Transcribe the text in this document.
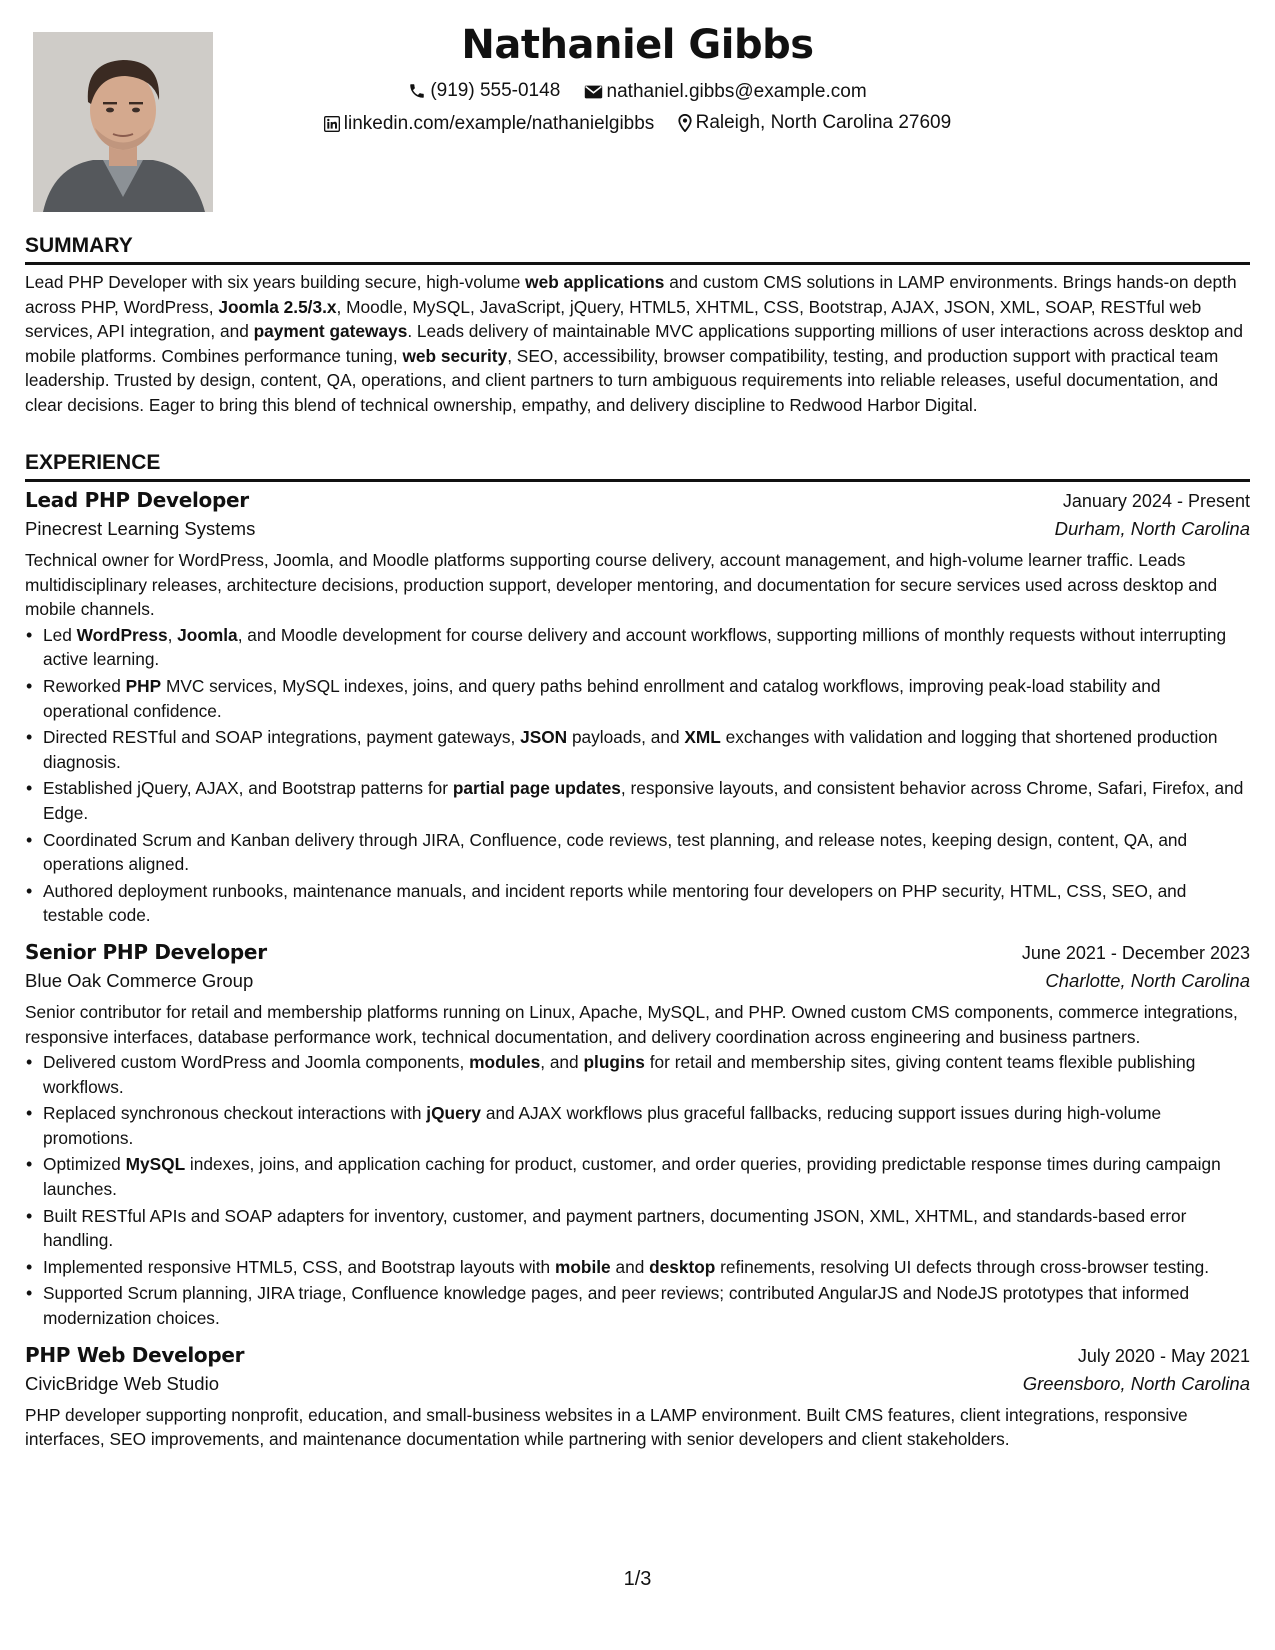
Nathaniel Gibbs
(919) 555-0148
nathaniel.gibbs@example.com
linkedin.com/example/nathanielgibbs
Raleigh, North Carolina 27609
SUMMARY

Lead PHP Developer with six years building secure, high-volume web applications and custom CMS solutions in LAMP environments. Brings hands-on depth across PHP, WordPress, Joomla 2.5/3.x, Moodle, MySQL, JavaScript, jQuery, HTML5, XHTML, CSS, Bootstrap, AJAX, JSON, XML, SOAP, RESTful web services, API integration, and payment gateways. Leads delivery of maintainable MVC applications supporting millions of user interactions across desktop and mobile platforms. Combines performance tuning, web security, SEO, accessibility, browser compatibility, testing, and production support with practical team leadership. Trusted by design, content, QA, operations, and client partners to turn ambiguous requirements into reliable releases, useful documentation, and clear decisions. Eager to bring this blend of technical ownership, empathy, and delivery discipline to Redwood Harbor Digital.

EXPERIENCE
Lead PHP Developer	January 2024 - Present
Pinecrest Learning Systems	Durham, North Carolina

Technical owner for WordPress, Joomla, and Moodle platforms supporting course delivery, account management, and high-volume learner traffic. Leads multidisciplinary releases, architecture decisions, production support, developer mentoring, and documentation for secure services used across desktop and mobile channels.

• Led WordPress, Joomla, and Moodle development for course delivery and account workflows, supporting millions of monthly requests without interrupting active learning.
• Reworked PHP MVC services, MySQL indexes, joins, and query paths behind enrollment and catalog workflows, improving peak-load stability and operational confidence.
• Directed RESTful and SOAP integrations, payment gateways, JSON payloads, and XML exchanges with validation and logging that shortened production diagnosis.
• Established jQuery, AJAX, and Bootstrap patterns for partial page updates, responsive layouts, and consistent behavior across Chrome, Safari, Firefox, and Edge.
• Coordinated Scrum and Kanban delivery through JIRA, Confluence, code reviews, test planning, and release notes, keeping design, content, QA, and operations aligned.
• Authored deployment runbooks, maintenance manuals, and incident reports while mentoring four developers on PHP security, HTML, CSS, SEO, and testable code.
Senior PHP Developer	June 2021 - December 2023
Blue Oak Commerce Group	Charlotte, North Carolina

Senior contributor for retail and membership platforms running on Linux, Apache, MySQL, and PHP. Owned custom CMS components, commerce integrations, responsive interfaces, database performance work, technical documentation, and delivery coordination across engineering and business partners.

• Delivered custom WordPress and Joomla components, modules, and plugins for retail and membership sites, giving content teams flexible publishing workflows.
• Replaced synchronous checkout interactions with jQuery and AJAX workflows plus graceful fallbacks, reducing support issues during high-volume promotions.
• Optimized MySQL indexes, joins, and application caching for product, customer, and order queries, providing predictable response times during campaign launches.
• Built RESTful APIs and SOAP adapters for inventory, customer, and payment partners, documenting JSON, XML, XHTML, and standards-based error handling.
• Implemented responsive HTML5, CSS, and Bootstrap layouts with mobile and desktop refinements, resolving UI defects through cross-browser testing.
• Supported Scrum planning, JIRA triage, Confluence knowledge pages, and peer reviews; contributed AngularJS and NodeJS prototypes that informed modernization choices.
PHP Web Developer	July 2020 - May 2021
CivicBridge Web Studio	Greensboro, North Carolina

PHP developer supporting nonprofit, education, and small-business websites in a LAMP environment. Built CMS features, client integrations, responsive interfaces, SEO improvements, and maintenance documentation while partnering with senior developers and client stakeholders.

1/3
